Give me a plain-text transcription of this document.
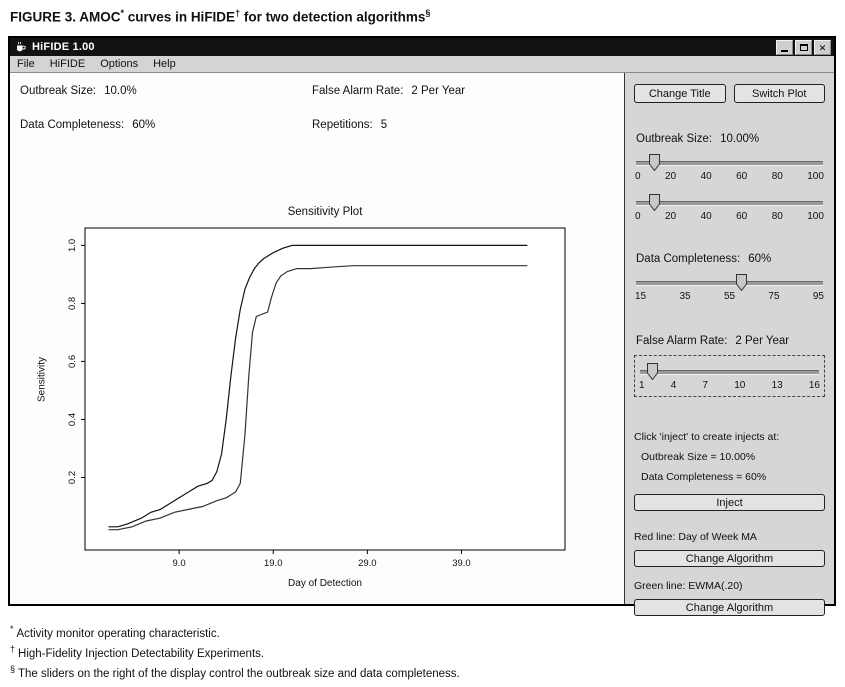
FIGURE 3. AMOC* curves in HiFIDE† for two detection algorithms§
HiFIDE 1.00
✕
File HiFIDE Options Help
Outbreak Size: 10.0%	False Alarm Rate: 2 Per Year
Data Completeness: 60%	Repetitions: 5
Sensitivity Plot
9.0	19.0	29.0	39.0
0.2
0.4
0.6
0.8
1.0
Day of Detection
Sensitivity
Change Title	Switch Plot
Outbreak Size: 10.00%
0 20 40 60 80 100
0 20 40 60 80 100
Data Completeness: 60%
15	35	55	75	95
False Alarm Rate: 2 Per Year
1	4	7	10	13	16
Click 'inject' to create injects at:
Outbreak Size = 10.00%
Data Completeness = 60%
Inject
Red line: Day of Week MA
Change Algorithm
Green line: EWMA(.20)
Change Algorithm
* Activity monitor operating characteristic.
† High-Fidelity Injection Detectability Experiments.
§ The sliders on the right of the display control the outbreak size and data completeness.
